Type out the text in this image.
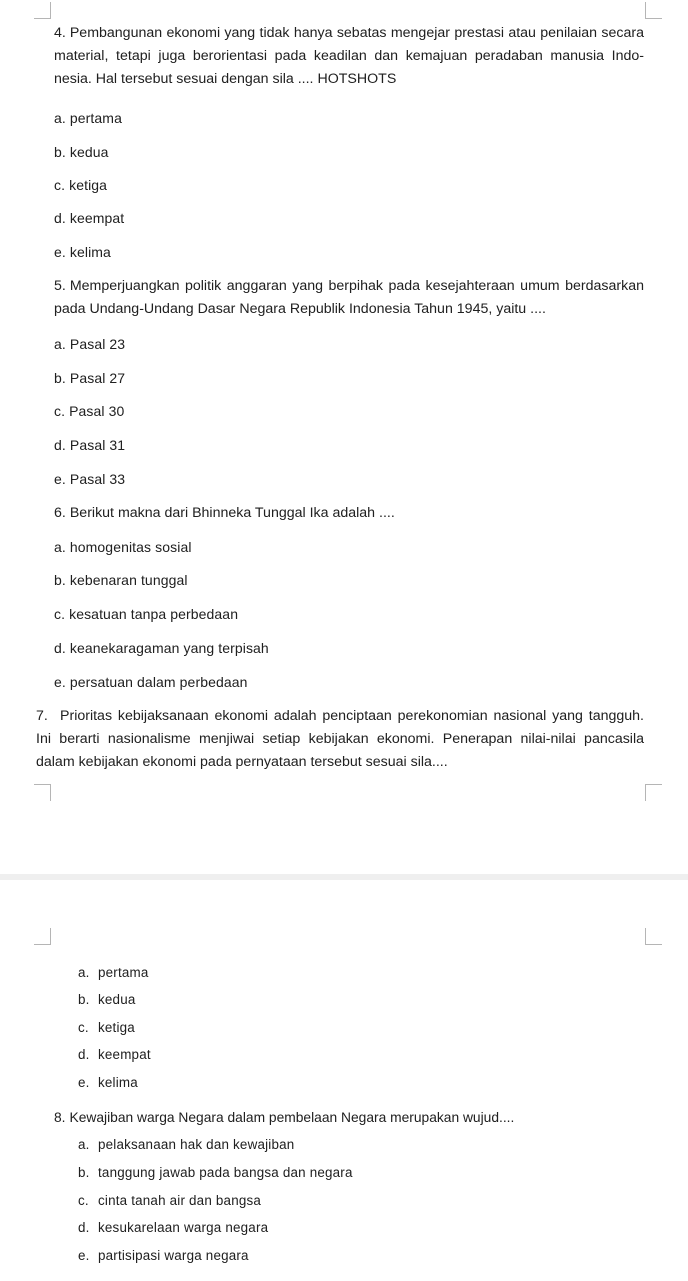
4. Pembangunan ekonomi yang tidak hanya sebatas mengejar prestasi atau penilaian secara material, tetapi juga berorientasi pada keadilan dan kemajuan peradaban manusia Indo-nesia. Hal tersebut sesuai dengan sila .... HOTSHOTS

a. pertama
b. kedua
c. ketiga
d. keempat
e. kelima

5. Memperjuangkan politik anggaran yang berpihak pada kesejahteraan umum berdasarkan pada Undang-Undang Dasar Negara Republik Indonesia Tahun 1945, yaitu ....

a. Pasal 23
b. Pasal 27
c. Pasal 30
d. Pasal 31
e. Pasal 33

6. Berikut makna dari Bhinneka Tunggal Ika adalah ....

a. homogenitas sosial
b. kebenaran tunggal
c. kesatuan tanpa perbedaan
d. keanekaragaman yang terpisah
e. persatuan dalam perbedaan

7. Prioritas kebijaksanaan ekonomi adalah penciptaan perekonomian nasional yang tangguh. Ini berarti nasionalisme menjiwai setiap kebijakan ekonomi. Penerapan nilai-nilai pancasila dalam kebijakan ekonomi pada pernyataan tersebut sesuai sila....

a. pertama
b. kedua
c. ketiga
d. keempat
e. kelima
8. Kewajiban warga Negara dalam pembelaan Negara merupakan wujud....
a. pelaksanaan hak dan kewajiban
b. tanggung jawab pada bangsa dan negara
c. cinta tanah air dan bangsa
d. kesukarelaan warga negara
e. partisipasi warga negara
